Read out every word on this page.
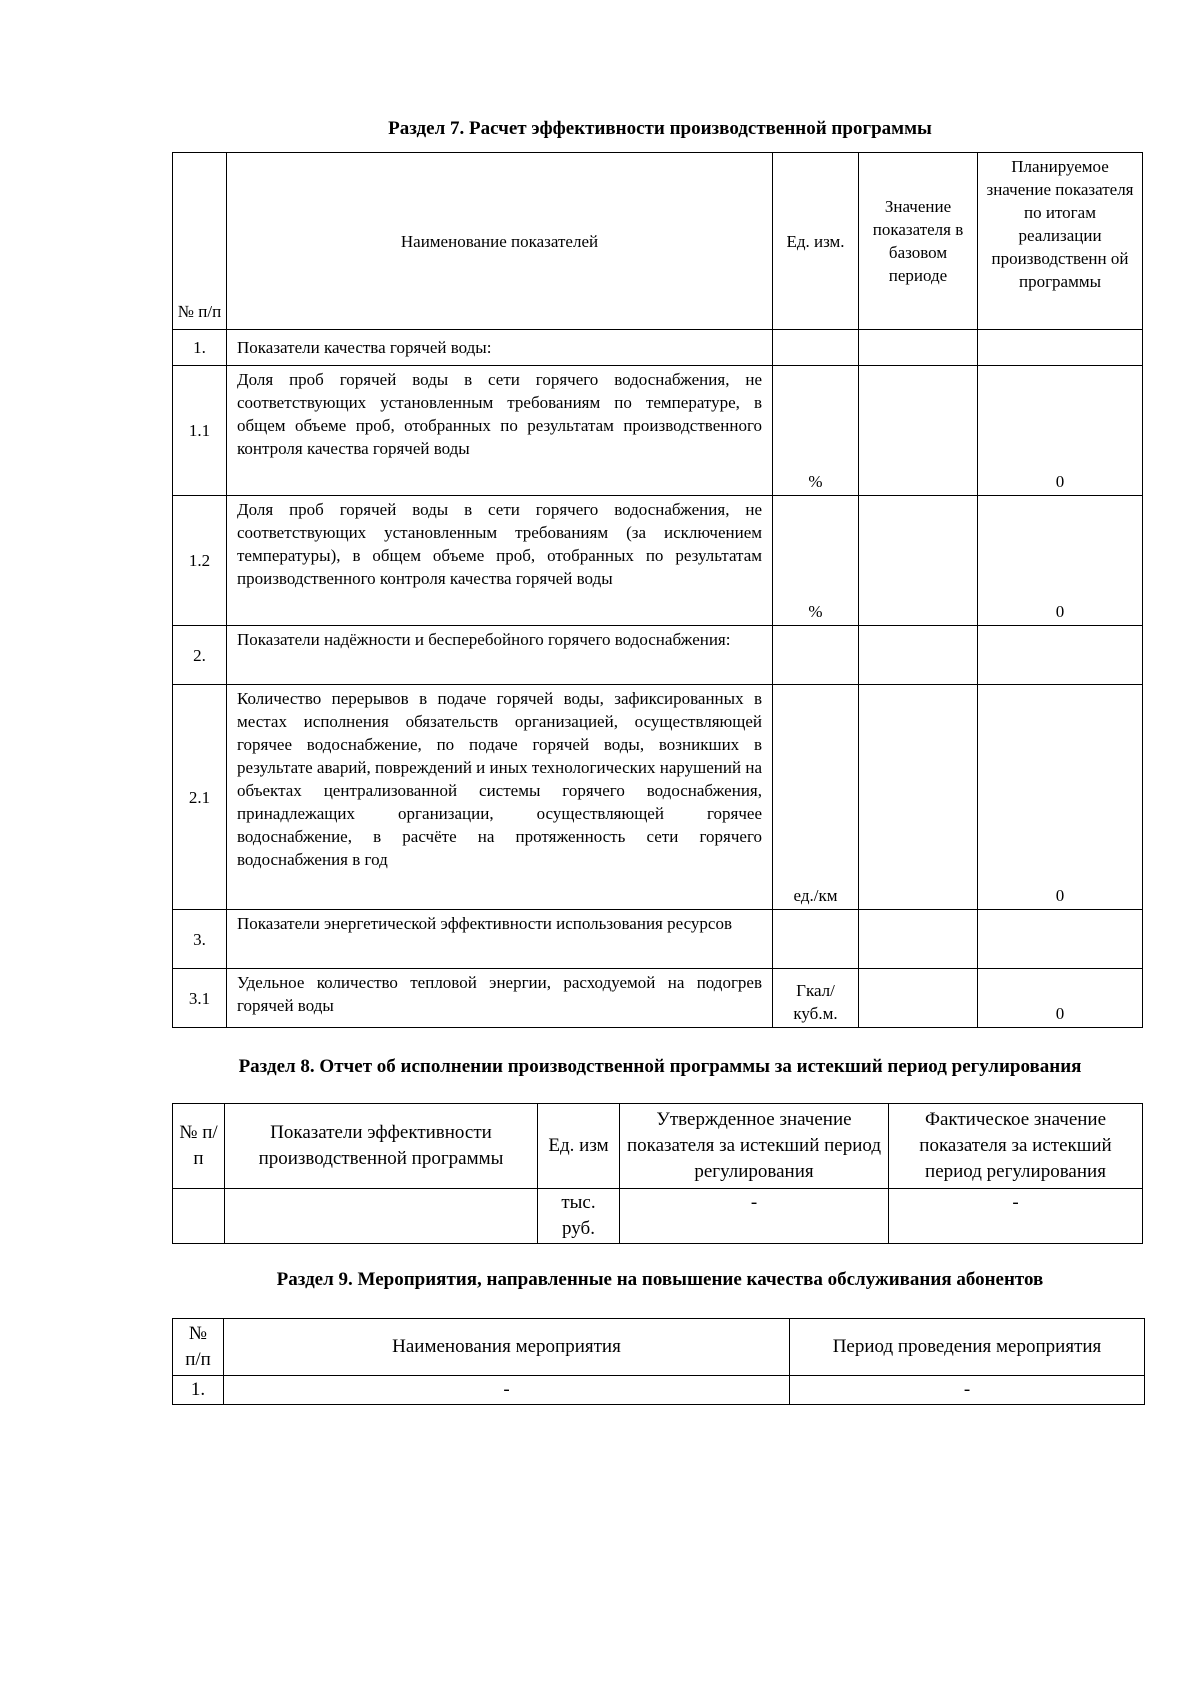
Раздел 7. Расчет эффективности производственной программы
№ п/п	Наименование показателей	Ед. изм.	Значение показателя в базовом периоде	Планируемое значение показателя по итогам реализации производственн ой программы
1.	Показатели качества горячей воды:			
1.1	Доля проб горячей воды в сети горячего водоснабжения, не соответствующих установленным требованиям по температуре, в общем объеме проб, отобранных по результатам производственного контроля качества горячей воды	%		0
1.2	Доля проб горячей воды в сети горячего водоснабжения, не соответствующих установленным требованиям (за исключением температуры), в общем объеме проб, отобранных по результатам производственного контроля качества горячей воды	%		0
2.	Показатели надёжности и бесперебойного горячего водоснабжения:			
2.1	Количество перерывов в подаче горячей воды, зафиксированных в местах исполнения обязательств организацией, осуществляющей горячее водоснабжение, по подаче горячей воды, возникших в результате аварий, повреждений и иных технологических нарушений на объектах централизованной системы горячего водоснабжения, принадлежащих организации, осуществляющей горячее водоснабжение, в расчёте на протяженность сети горячего водоснабжения в год	ед./км		0
3.	Показатели энергетической эффективности использования ресурсов			
3.1	Удельное количество тепловой энергии, расходуемой на подогрев горячей воды	Гкал/ куб.м.		0
Раздел 8. Отчет об исполнении производственной программы за истекший период регулирования
№ п/п	Показатели эффективности производственной программы	Ед. изм	Утвержденное значение показателя за истекший период регулирования	Фактическое значение показателя за истекший период регулирования
		тыс. руб.	-	-
Раздел 9. Мероприятия, направленные на повышение качества обслуживания абонентов
№ п/п	Наименования мероприятия	Период проведения мероприятия
1.	-	-
